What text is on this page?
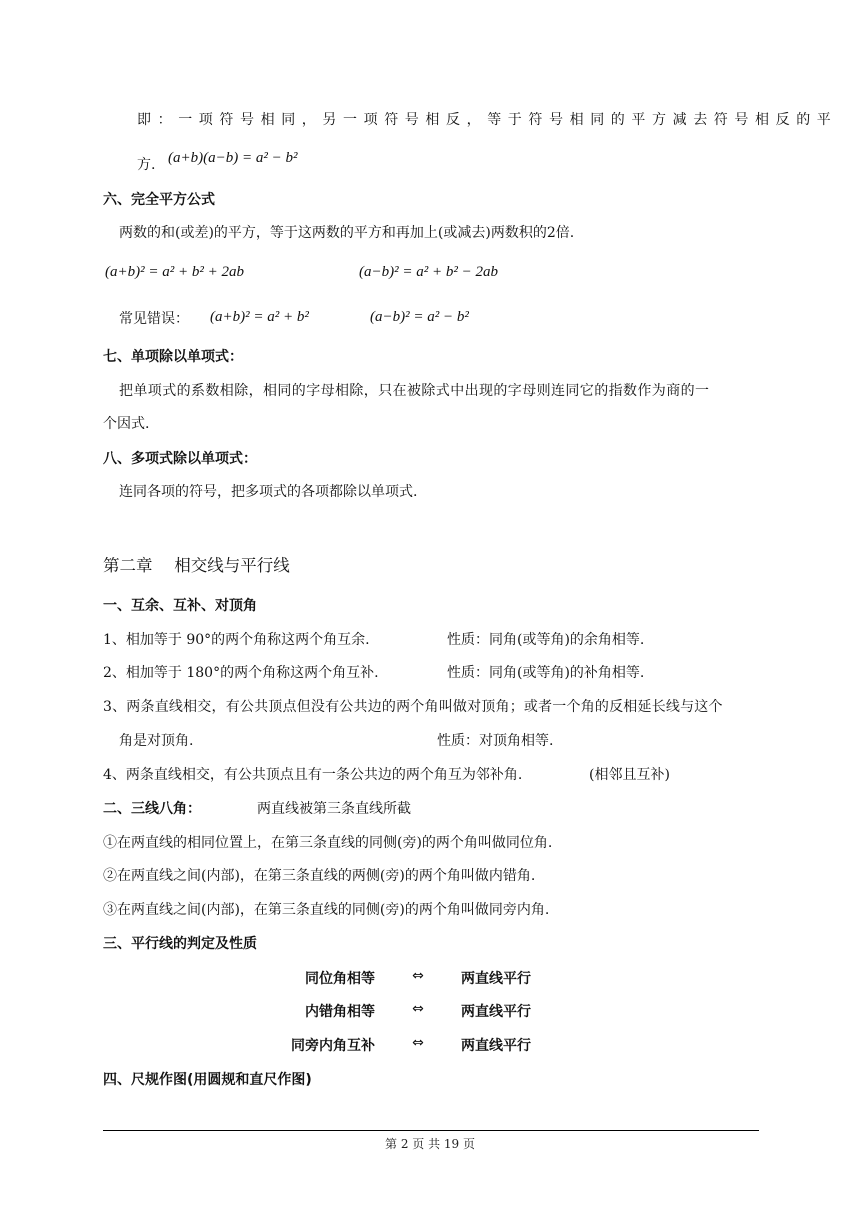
即：一项符号相同，另一项符号相反，等于符号相同的平方减去符号相反的平
方. (a+b)(a−b) = a² − b²
六、完全平方公式
两数的和(或差)的平方，等于这两数的平方和再加上(或减去)两数积的2倍.
(a+b)² = a² + b² + 2ab	(a−b)² = a² + b² − 2ab
常见错误： (a+b)² = a² + b²	(a−b)² = a² − b²
七、单项除以单项式：
把单项式的系数相除，相同的字母相除，只在被除式中出现的字母则连同它的指数作为商的一
个因式.
八、多项式除以单项式：
连同各项的符号，把多项式的各项都除以单项式.
第二章　 相交线与平行线
一、互余、互补、对顶角
1、相加等于 90°的两个角称这两个角互余.	性质：同角(或等角)的余角相等.
2、相加等于 180°的两个角称这两个角互补.	性质：同角(或等角)的补角相等.
3、两条直线相交，有公共顶点但没有公共边的两个角叫做对顶角；或者一个角的反相延长线与这个
角是对顶角.	性质：对顶角相等.
4、两条直线相交，有公共顶点且有一条公共边的两个角互为邻补角.	(相邻且互补)
二、三线八角：	两直线被第三条直线所截
①在两直线的相同位置上，在第三条直线的同侧(旁)的两个角叫做同位角.
②在两直线之间(内部)，在第三条直线的两侧(旁)的两个角叫做内错角.
③在两直线之间(内部)，在第三条直线的同侧(旁)的两个角叫做同旁内角.
三、平行线的判定及性质
同位角相等	⇔	两直线平行
内错角相等	⇔	两直线平行
同旁内角互补	⇔	两直线平行
四、尺规作图(用圆规和直尺作图)
第 2 页 共 19 页
